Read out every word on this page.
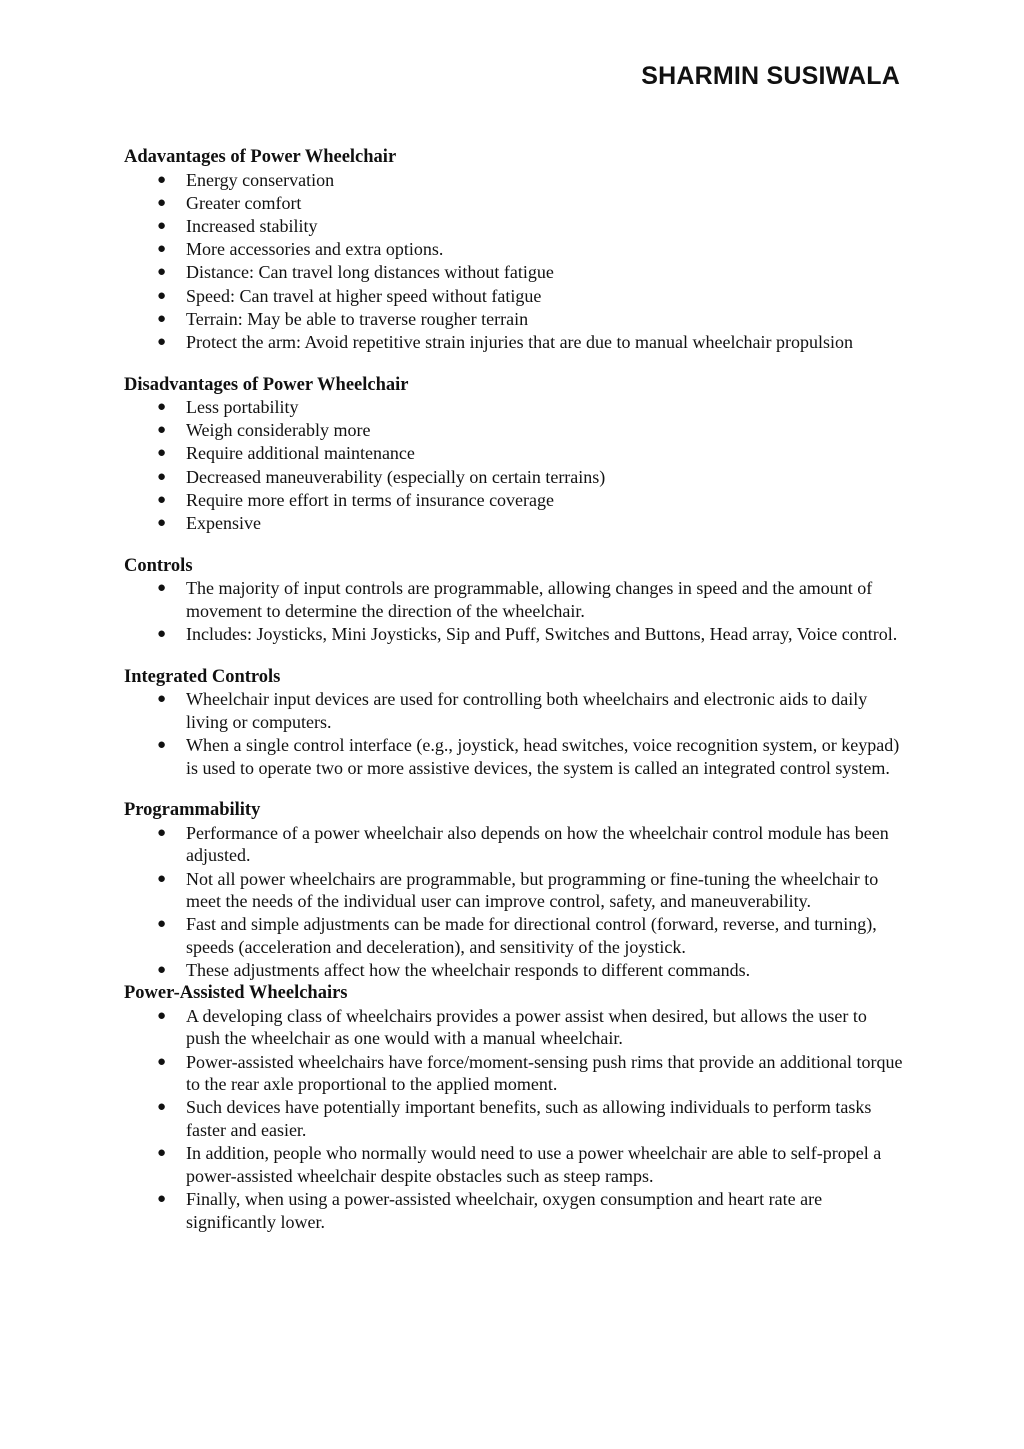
SHARMIN SUSIWALA
Adavantages of Power Wheelchair
● Energy conservation
● Greater comfort
● Increased stability
● More accessories and extra options.
● Distance: Can travel long distances without fatigue
● Speed: Can travel at higher speed without fatigue
● Terrain: May be able to traverse rougher terrain
● Protect the arm: Avoid repetitive strain injuries that are due to manual wheelchair propulsion
Disadvantages of Power Wheelchair
● Less portability
● Weigh considerably more
● Require additional maintenance
● Decreased maneuverability (especially on certain terrains)
● Require more effort in terms of insurance coverage
● Expensive
Controls
● The majority of input controls are programmable, allowing changes in speed and the amount of movement to determine the direction of the wheelchair.
● Includes: Joysticks, Mini Joysticks, Sip and Puff, Switches and Buttons, Head array, Voice control.
Integrated Controls
● Wheelchair input devices are used for controlling both wheelchairs and electronic aids to daily living or computers.
● When a single control interface (e.g., joystick, head switches, voice recognition system, or keypad) is used to operate two or more assistive devices, the system is called an integrated control system.
Programmability
● Performance of a power wheelchair also depends on how the wheelchair control module has been adjusted.
● Not all power wheelchairs are programmable, but programming or fine-tuning the wheelchair to meet the needs of the individual user can improve control, safety, and maneuverability.
● Fast and simple adjustments can be made for directional control (forward, reverse, and turning), speeds (acceleration and deceleration), and sensitivity of the joystick.
● These adjustments affect how the wheelchair responds to different commands.
Power-Assisted Wheelchairs
● A developing class of wheelchairs provides a power assist when desired, but allows the user to push the wheelchair as one would with a manual wheelchair.
● Power-assisted wheelchairs have force/moment-sensing push rims that provide an additional torque to the rear axle proportional to the applied moment.
● Such devices have potentially important benefits, such as allowing individuals to perform tasks faster and easier.
● In addition, people who normally would need to use a power wheelchair are able to self-propel a power-assisted wheelchair despite obstacles such as steep ramps.
● Finally, when using a power-assisted wheelchair, oxygen consumption and heart rate are significantly lower.
